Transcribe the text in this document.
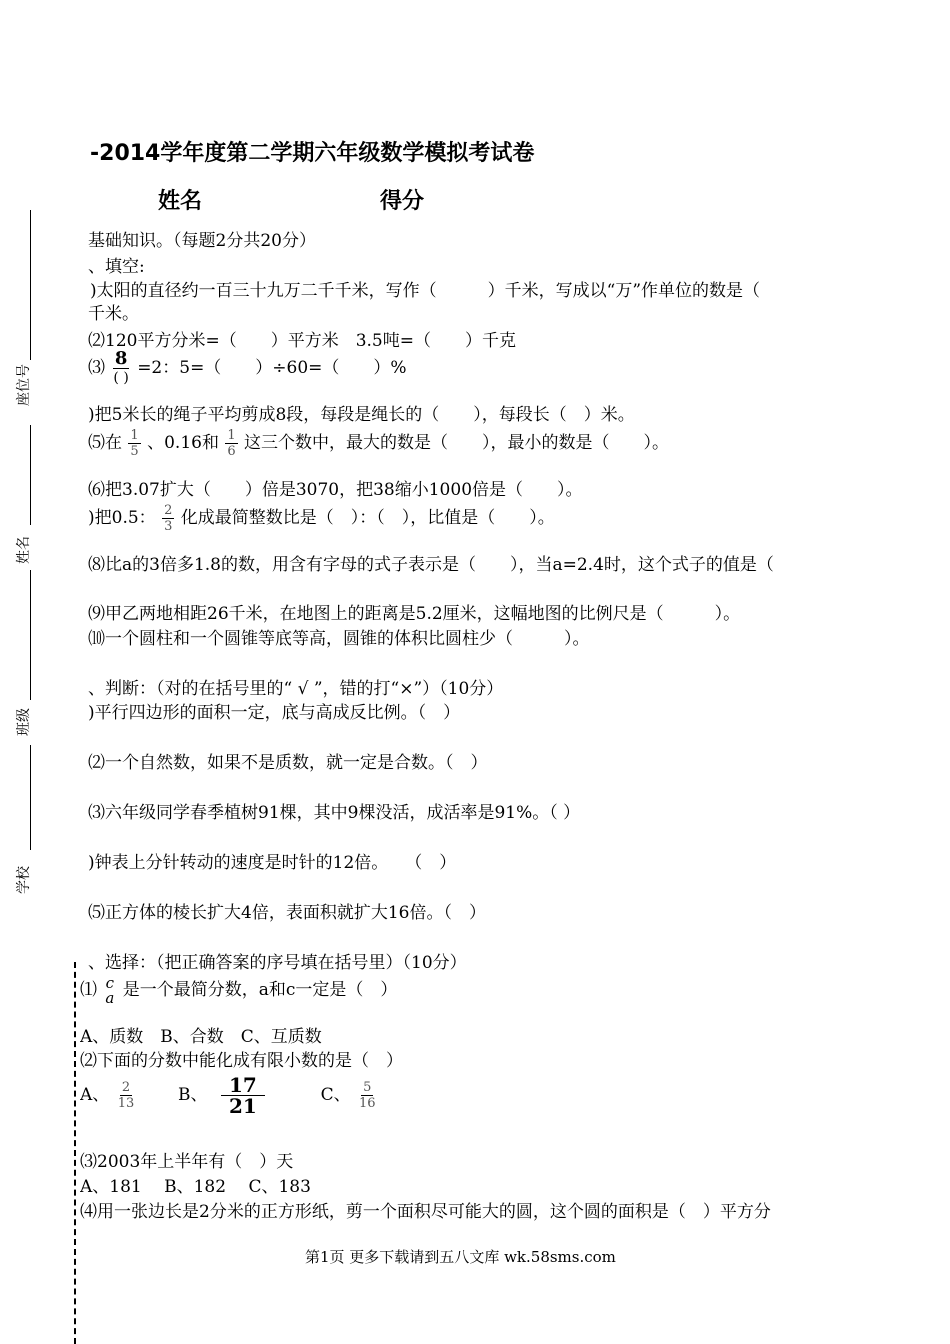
座位号
姓名
班级
学校
-2014学年度第二学期六年级数学模拟考试卷
姓名	得分
基础知识。（每题2分共20分）
、填空:
)太阳的直径约一百三十九万二千千米，写作（　　　）千米，写成以“万”作单位的数是（
千米。
⑵120平方分米=（　　）平方米　3.5吨=（　　）千克
⑶ $\frac{8}{( )} =2$：5=（　　）÷60=（　　）%
)把5米长的绳子平均剪成8段，每段是绳长的（　　），每段长（　）米。
⑸在 $\frac{1}{5}$ 、0.16和 $\frac{1}{6}$ 这三个数中，最大的数是（　　），最小的数是（　　）。
⑹把3.07扩大（　　）倍是3070，把38缩小1000倍是（　　）。
)把0.5： $\frac{2}{3}$ 化成最简整数比是（　）：（　），比值是（　　）。
⑻比a的3倍多1.8的数，用含有字母的式子表示是（　　），当a=2.4时，这个式子的值是（
⑼甲乙两地相距26千米，在地图上的距离是5.2厘米，这幅地图的比例尺是（　　　）。
⑽一个圆柱和一个圆锥等底等高，圆锥的体积比圆柱少（　　　）。
、判断：（对的在括号里的“ √ ”，错的打“×”）（10分）
)平行四边形的面积一定，底与高成反比例。（　）
⑵一个自然数，如果不是质数，就一定是合数。（　）
⑶六年级同学春季植树91棵，其中9棵没活，成活率是91%。（ ）
)钟表上分针转动的速度是时针的12倍。　　（　）
⑸正方体的棱长扩大4倍，表面积就扩大16倍。（　）
、选择：（把正确答案的序号填在括号里）（10分）
⑴ c
a 是一个最简分数，a和c一定是（　）
A、质数　B、合数　C、互质数
⑵下面的分数中能化成有限小数的是（　）
A、 $\frac{2}{13}$ B、 $\frac{17}{21}$	C、 $\frac{5}{16}$
⑶2003年上半年有（　）天
A、181　 B、182　 C、183
⑷用一张边长是2分米的正方形纸，剪一个面积尽可能大的圆，这个圆的面积是（　）平方分
第1页 更多下载请到五八文库 wk.58sms.com
